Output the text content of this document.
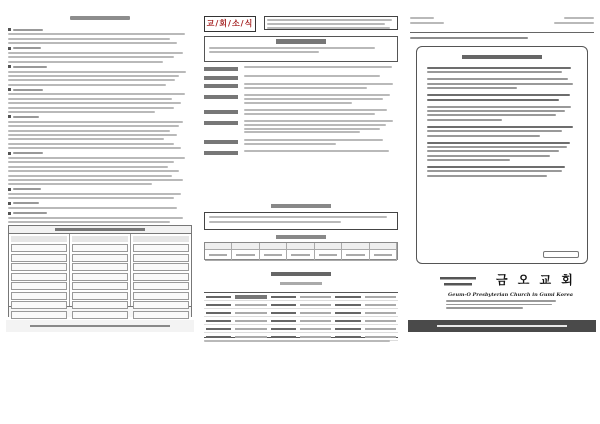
교/회/소/식
금 오 교 회
Geum-O Presbyterian Church in Gumi Korea
